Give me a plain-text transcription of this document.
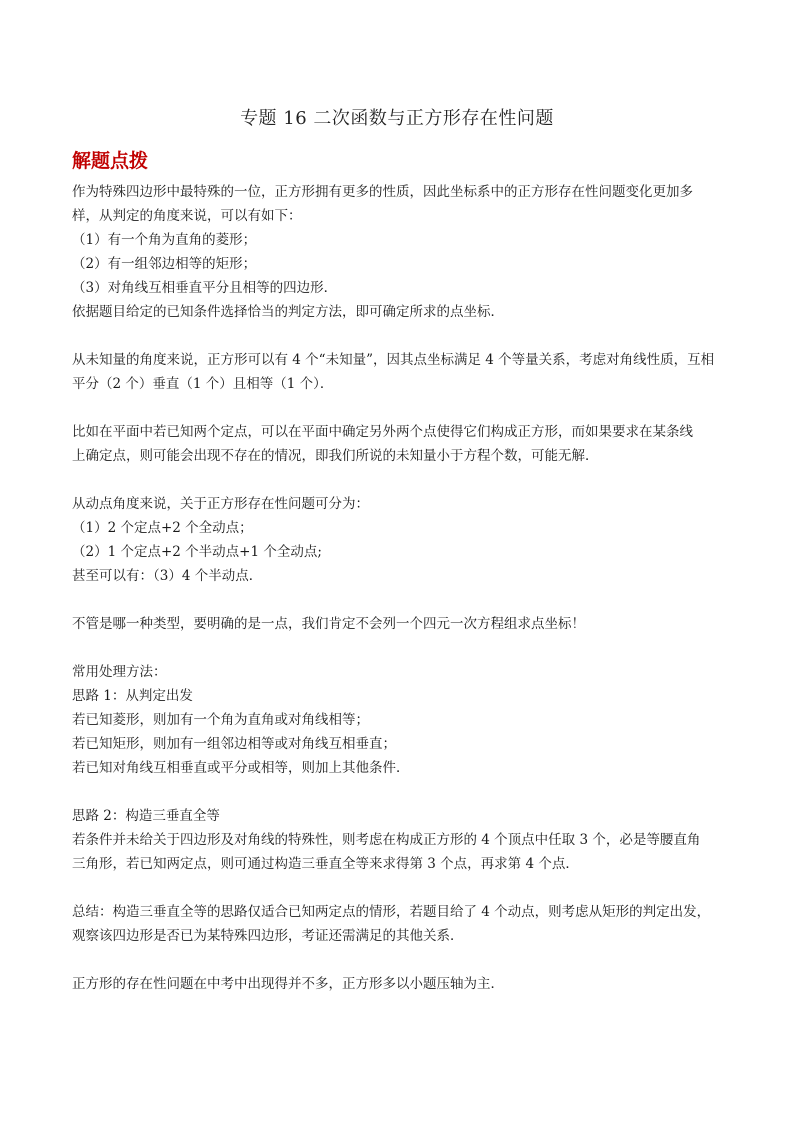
专题 16 二次函数与正方形存在性问题
解题点拨

作为特殊四边形中最特殊的一位，正方形拥有更多的性质，因此坐标系中的正方形存在性问题变化更加多

样，从判定的角度来说，可以有如下：

（1）有一个角为直角的菱形；

（2）有一组邻边相等的矩形；

（3）对角线互相垂直平分且相等的四边形．

依据题目给定的已知条件选择恰当的判定方法，即可确定所求的点坐标．

从未知量的角度来说，正方形可以有 4 个“未知量”，因其点坐标满足 4 个等量关系，考虑对角线性质，互相

平分（2 个）垂直（1 个）且相等（1 个）．

比如在平面中若已知两个定点，可以在平面中确定另外两个点使得它们构成正方形，而如果要求在某条线

上确定点，则可能会出现不存在的情况，即我们所说的未知量小于方程个数，可能无解．

从动点角度来说，关于正方形存在性问题可分为：

（1）2 个定点+2 个全动点；

（2）1 个定点+2 个半动点+1 个全动点;

甚至可以有：（3）4 个半动点．

不管是哪一种类型，要明确的是一点，我们肯定不会列一个四元一次方程组求点坐标！

常用处理方法：

思路 1：从判定出发

若已知菱形，则加有一个角为直角或对角线相等；

若已知矩形，则加有一组邻边相等或对角线互相垂直；

若已知对角线互相垂直或平分或相等，则加上其他条件．

思路 2：构造三垂直全等

若条件并未给关于四边形及对角线的特殊性，则考虑在构成正方形的 4 个顶点中任取 3 个，必是等腰直角

三角形，若已知两定点，则可通过构造三垂直全等来求得第 3 个点，再求第 4 个点．

总结：构造三垂直全等的思路仅适合已知两定点的情形，若题目给了 4 个动点，则考虑从矩形的判定出发，

观察该四边形是否已为某特殊四边形，考证还需满足的其他关系．

正方形的存在性问题在中考中出现得并不多，正方形多以小题压轴为主．
